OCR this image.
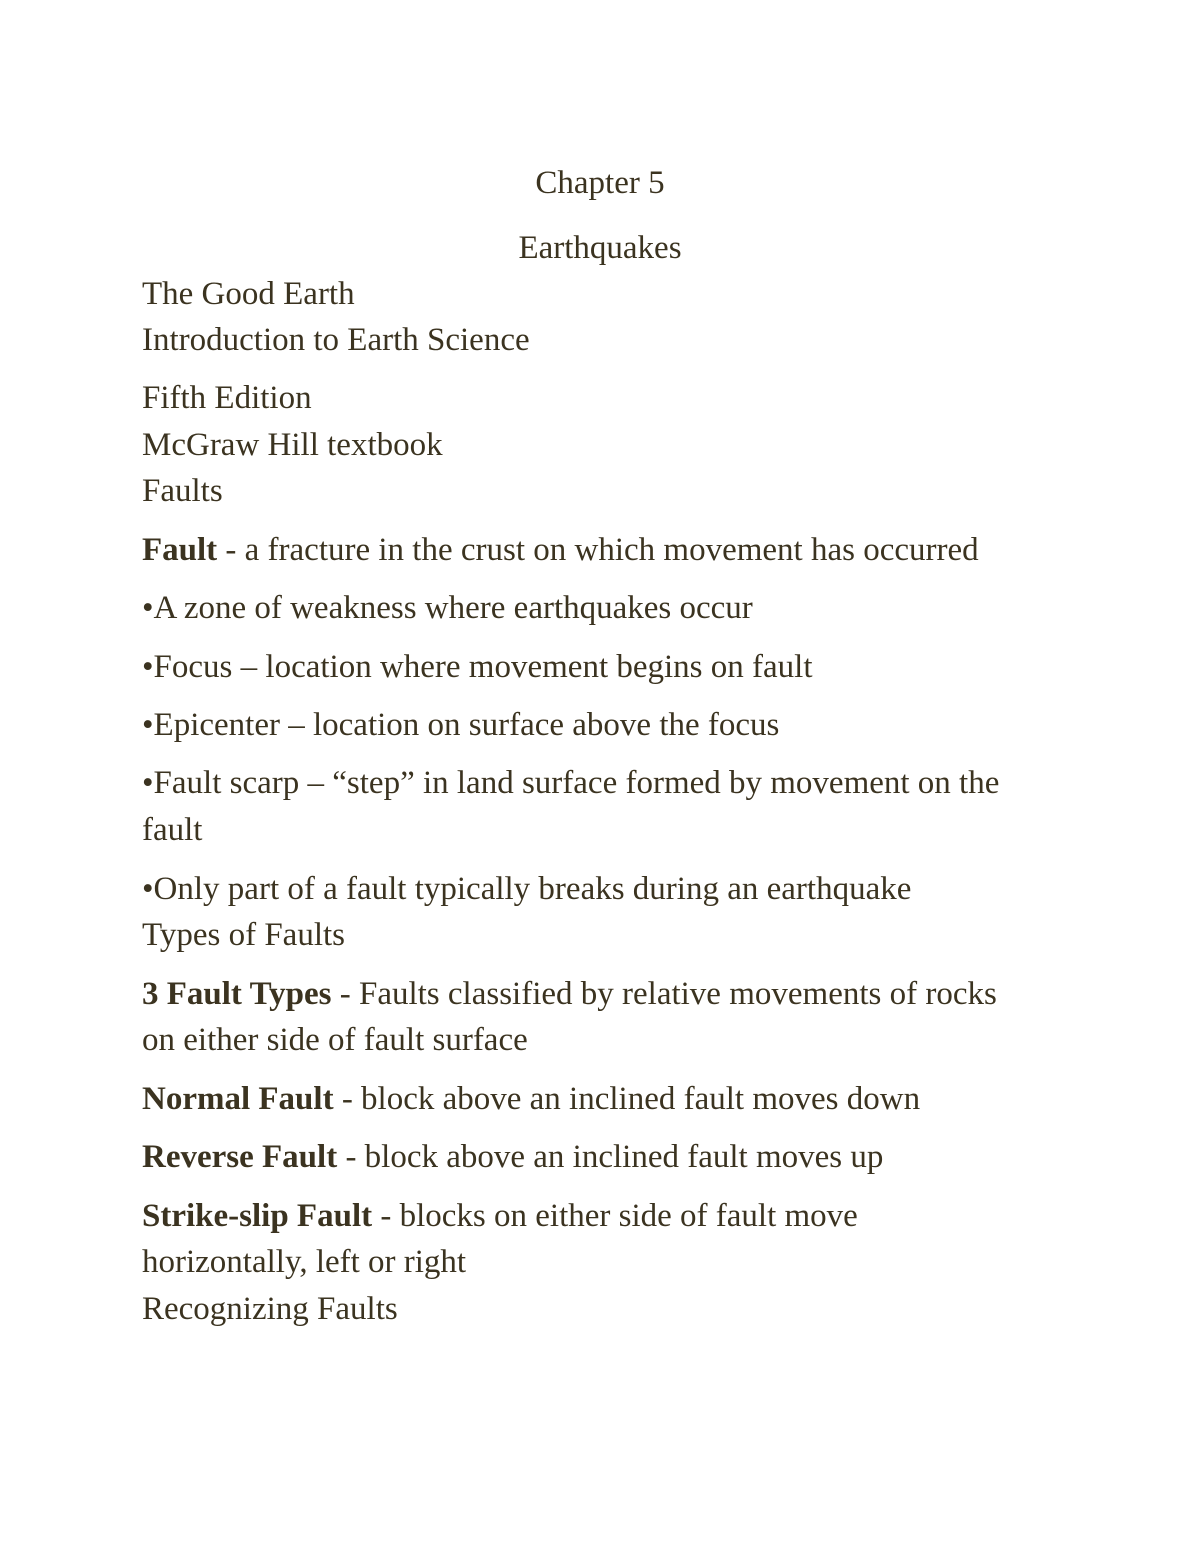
Chapter 5
Earthquakes
The Good Earth
Introduction to Earth Science
Fifth Edition
McGraw Hill textbook
Faults
Fault - a fracture in the crust on which movement has occurred
•A zone of weakness where earthquakes occur
•Focus – location where movement begins on fault
•Epicenter – location on surface above the focus
•Fault scarp – “step” in land surface formed by movement on the
fault
•Only part of a fault typically breaks during an earthquake
Types of Faults
3 Fault Types - Faults classified by relative movements of rocks
on either side of fault surface
Normal Fault - block above an inclined fault moves down
Reverse Fault - block above an inclined fault moves up
Strike-slip Fault - blocks on either side of fault move
horizontally, left or right
Recognizing Faults
